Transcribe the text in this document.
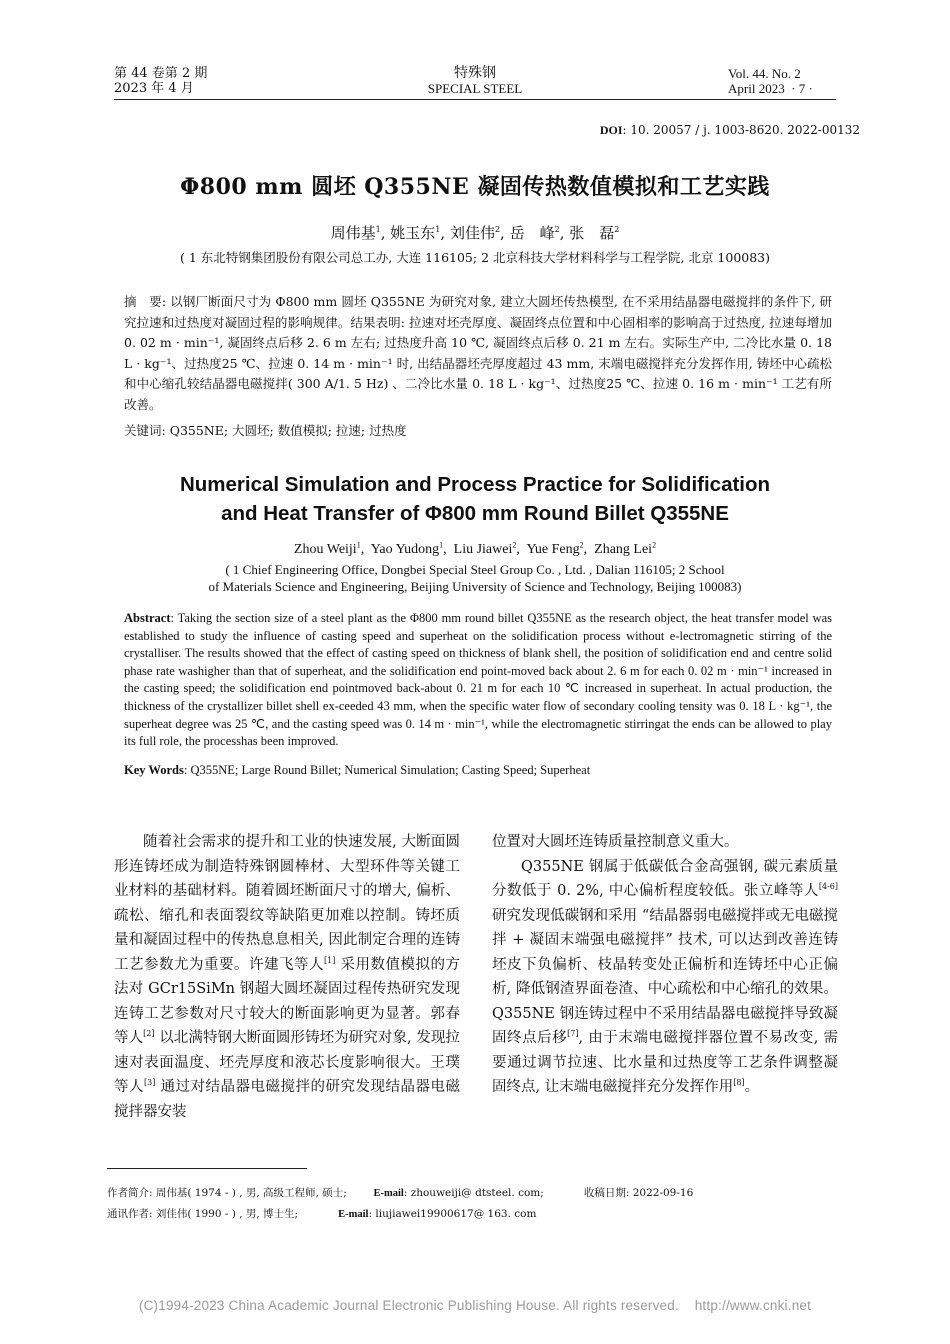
第 44 卷第 2 期
2023 年 4 月
特殊钢
SPECIAL STEEL
Vol. 44. No. 2
April 2023 · 7 ·
DOI: 10. 20057 / j. 1003-8620. 2022-00132
Φ800 mm 圆坯 Q355NE 凝固传热数值模拟和工艺实践
周伟基$^1$, 姚玉东$^1$, 刘佳伟$^2$, 岳　峰$^2$, 张　磊$^2$
( 1 东北特钢集团股份有限公司总工办, 大连 116105; 2 北京科技大学材料科学与工程学院, 北京 100083)
摘　要: 以钢厂断面尺寸为 Φ800 mm 圆坯 Q355NE 为研究对象, 建立大圆坯传热模型, 在不采用结晶器电磁搅拌的条件下, 研究拉速和过热度对凝固过程的影响规律。结果表明: 拉速对坯壳厚度、凝固终点位置和中心固相率的影响高于过热度, 拉速每增加 0. 02 m · min⁻¹, 凝固终点后移 2. 6 m 左右; 过热度升高 10 ℃, 凝固终点后移 0. 21 m 左右。实际生产中, 二冷比水量 0. 18 L · kg⁻¹、过热度25 ℃、拉速 0. 14 m · min⁻¹ 时, 出结晶器坯壳厚度超过 43 mm, 末端电磁搅拌充分发挥作用, 铸坯中心疏松和中心缩孔较结晶器电磁搅拌( 300 A/1. 5 Hz) 、二冷比水量 0. 18 L · kg⁻¹、过热度25 ℃、拉速 0. 16 m · min⁻¹ 工艺有所改善。
关键词: Q355NE; 大圆坯; 数值模拟; 拉速; 过热度
Numerical Simulation and Process Practice for Solidification
and Heat Transfer of Φ800 mm Round Billet Q355NE
Zhou Weiji$^1$,  Yao Yudong$^1$,  Liu Jiawei$^2$,  Yue Feng$^2$,  Zhang Lei$^2$
( 1 Chief Engineering Office, Dongbei Special Steel Group Co. , Ltd. , Dalian 116105; 2 School
of Materials Science and Engineering, Beijing University of Science and Technology, Beijing 100083)
Abstract: Taking the section size of a steel plant as the Φ800 mm round billet Q355NE as the research object, the heat transfer model was established to study the influence of casting speed and superheat on the solidification process without e-lectromagnetic stirring of the crystalliser. The results showed that the effect of casting speed on thickness of blank shell, the position of solidification end and centre solid phase rate washigher than that of superheat, and the solidification end point-moved back about 2. 6 m for each 0. 02 m · min⁻¹ increased in the casting speed; the solidification end pointmoved back-about 0. 21 m for each 10 ℃ increased in superheat. In actual production, the thickness of the crystallizer billet shell ex-ceeded 43 mm, when the specific water flow of secondary cooling tensity was 0. 18 L · kg⁻¹, the superheat degree was 25 ℃, and the casting speed was 0. 14 m · min⁻¹, while the electromagnetic stirringat the ends can be allowed to play its full role, the processhas been improved.
Key Words: Q355NE; Large Round Billet; Numerical Simulation; Casting Speed; Superheat

随着社会需求的提升和工业的快速发展, 大断面圆形连铸坯成为制造特殊钢圆棒材、大型环件等关键工业材料的基础材料。随着圆坯断面尺寸的增大, 偏析、疏松、缩孔和表面裂纹等缺陷更加难以控制。铸坯质量和凝固过程中的传热息息相关, 因此制定合理的连铸工艺参数尤为重要。许建飞等人[1] 采用数值模拟的方法对 GCr15SiMn 钢超大圆坯凝固过程传热研究发现连铸工艺参数对尺寸较大的断面影响更为显著。郭春等人[2] 以北满特钢大断面圆形铸坯为研究对象, 发现拉速对表面温度、坯壳厚度和液芯长度影响很大。王璞等人[3] 通过对结晶器电磁搅拌的研究发现结晶器电磁搅拌器安装

位置对大圆坯连铸质量控制意义重大。

Q355NE 钢属于低碳低合金高强钢, 碳元素质量分数低于 0. 2%, 中心偏析程度较低。张立峰等人[4-6] 研究发现低碳钢和采用 “结晶器弱电磁搅拌或无电磁搅拌 + 凝固末端强电磁搅拌” 技术, 可以达到改善连铸坯皮下负偏析、枝晶转变处正偏析和连铸坯中心正偏析, 降低钢渣界面卷渣、中心疏松和中心缩孔的效果。Q355NE 钢连铸过程中不采用结晶器电磁搅拌导致凝固终点后移[7], 由于末端电磁搅拌器位置不易改变, 需要通过调节拉速、比水量和过热度等工艺条件调整凝固终点, 让末端电磁搅拌充分发挥作用[8]。

作者简介: 周伟基( 1974 - ) , 男, 高级工程师, 硕士;	E-mail: zhouweiji@ dtsteel. com;	收稿日期: 2022-09-16
通讯作者: 刘佳伟( 1990 - ) , 男, 博士生;	E-mail: liujiawei19900617@ 163. com
(C)1994-2023 China Academic Journal Electronic Publishing House. All rights reserved.    http://www.cnki.net
